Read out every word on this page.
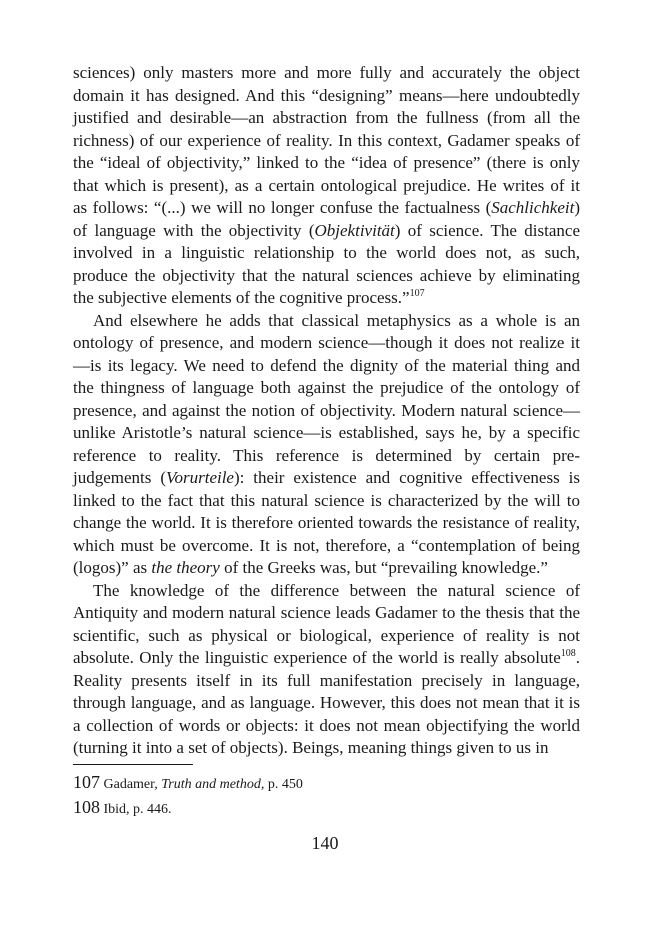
sciences) only masters more and more fully and accurately the object
domain it has designed. And this “designing” means—here undoubtedly
justified and desirable—an abstraction from the fullness (from all the
richness) of our experience of reality. In this context, Gadamer speaks of
the “ideal of objectivity,” linked to the “idea of presence” (there is only
that which is present), as a certain ontological prejudice. He writes of it
as follows: “(...) we will no longer confuse the factualness (Sachlichkeit)
of language with the objectivity (Objektivität) of science. The distance
involved in a linguistic relationship to the world does not, as such,
produce the objectivity that the natural sciences achieve by eliminating
the subjective elements of the cognitive process.”$^{107}$
And elsewhere he adds that classical metaphysics as a whole is an
ontology of presence, and modern science—though it does not realize it
—is its legacy. We need to defend the dignity of the material thing and
the thingness of language both against the prejudice of the ontology of
presence, and against the notion of objectivity. Modern natural science—
unlike Aristotle’s natural science—is established, says he, by a specific
reference to reality. This reference is determined by certain pre-
judgements (Vorurteile): their existence and cognitive effectiveness is
linked to the fact that this natural science is characterized by the will to
change the world. It is therefore oriented towards the resistance of reality,
which must be overcome. It is not, therefore, a “contemplation of being
(logos)” as the theory of the Greeks was, but “prevailing knowledge.”
The knowledge of the difference between the natural science of
Antiquity and modern natural science leads Gadamer to the thesis that the
scientific, such as physical or biological, experience of reality is not
absolute. Only the linguistic experience of the world is really absolute$^{108}$.
Reality presents itself in its full manifestation precisely in language,
through language, and as language. However, this does not mean that it is
a collection of words or objects: it does not mean objectifying the world
(turning it into a set of objects). Beings, meaning things given to us in
107 Gadamer, Truth and method, p. 450
108 Ibid, p. 446.
140
